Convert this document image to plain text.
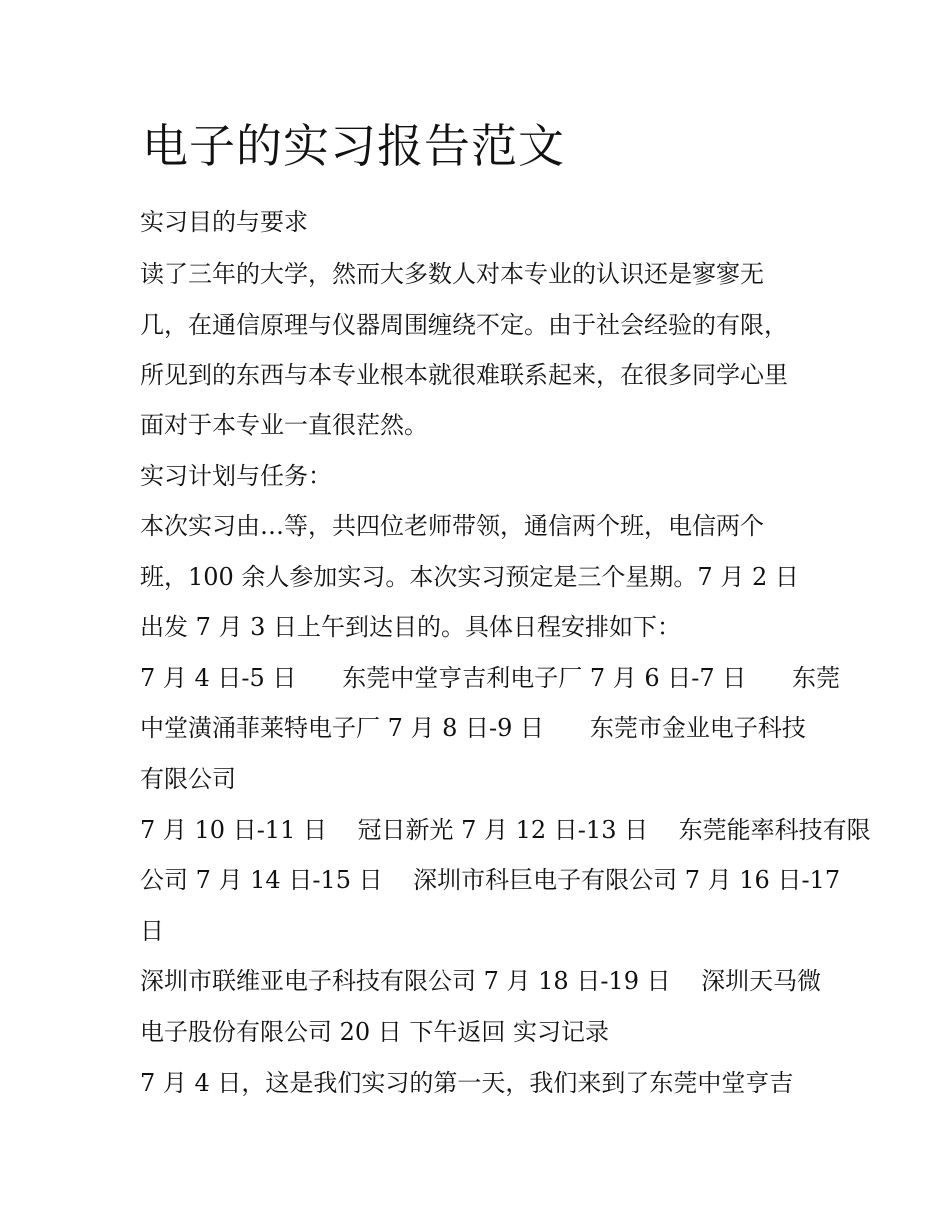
电子的实习报告范文
实习目的与要求
读了三年的大学，然而大多数人对本专业的认识还是寥寥无
几，在通信原理与仪器周围缠绕不定。由于社会经验的有限，
所见到的东西与本专业根本就很难联系起来，在很多同学心里
面对于本专业一直很茫然。
实习计划与任务：
本次实习由…等，共四位老师带领，通信两个班，电信两个
班，100 余人参加实习。本次实习预定是三个星期。7 月 2 日
出发 7 月 3 日上午到达目的。具体日程安排如下：
7 月 4 日-5 日      东莞中堂亨吉利电子厂 7 月 6 日-7 日      东莞
中堂潢涌菲莱特电子厂 7 月 8 日-9 日      东莞市金业电子科技
有限公司
7 月 10 日-11 日    冠日新光 7 月 12 日-13 日    东莞能率科技有限
公司 7 月 14 日-15 日    深圳市科巨电子有限公司 7 月 16 日-17
日
深圳市联维亚电子科技有限公司 7 月 18 日-19 日    深圳天马微
电子股份有限公司 20 日 下午返回 实习记录
7 月 4 日，这是我们实习的第一天，我们来到了东莞中堂亨吉
